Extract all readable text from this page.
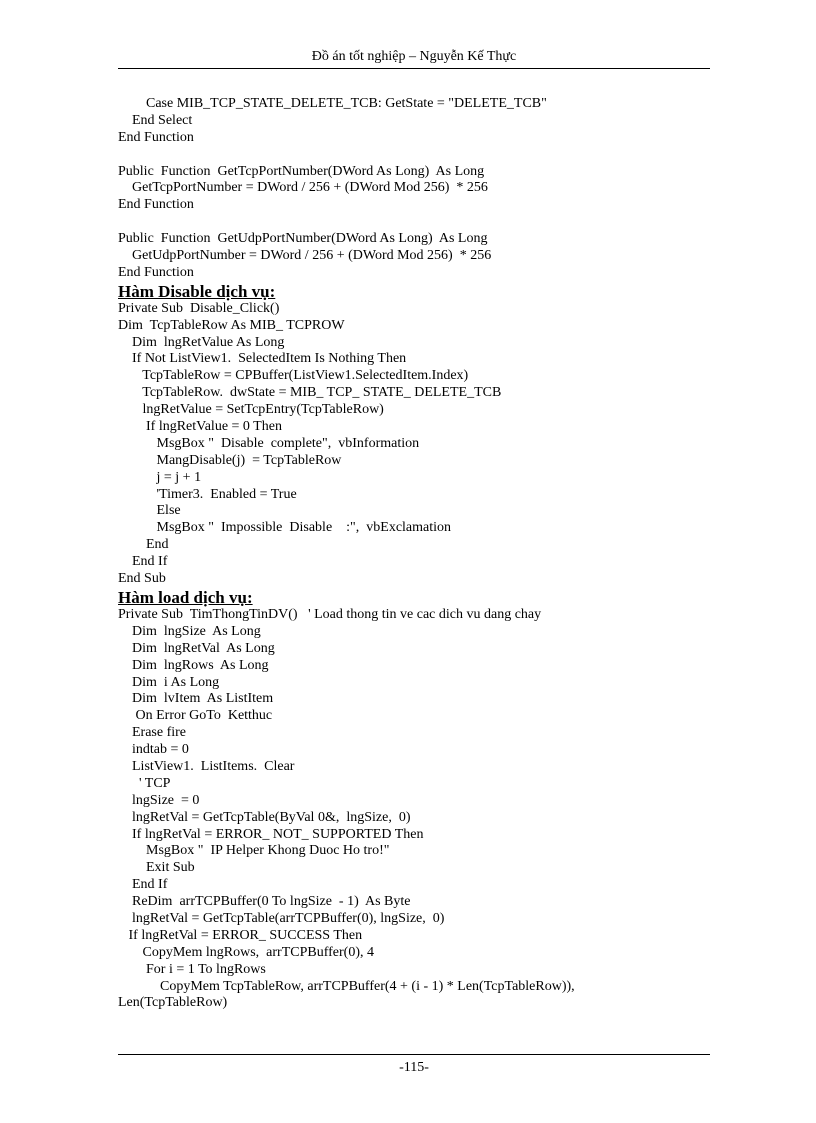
Đồ án tốt nghiệp – Nguyễn Kế Thực
Case MIB_TCP_STATE_DELETE_TCB: GetState = "DELETE_TCB"
End Select
End Function
Public  Function  GetTcpPortNumber(DWord As Long)  As Long
GetTcpPortNumber = DWord / 256 + (DWord Mod 256)  * 256
End Function
Public  Function  GetUdpPortNumber(DWord As Long)  As Long
GetUdpPortNumber = DWord / 256 + (DWord Mod 256)  * 256
End Function
Hàm Disable dịch vụ:
Private Sub  Disable_Click()
Dim  TcpTableRow As MIB_ TCPROW
Dim  lngRetValue As Long
If Not ListView1.  SelectedItem Is Nothing Then
TcpTableRow = CPBuffer(ListView1.SelectedItem.Index)
TcpTableRow.  dwState = MIB_ TCP_ STATE_ DELETE_TCB
lngRetValue = SetTcpEntry(TcpTableRow)
If lngRetValue = 0 Then
MsgBox "  Disable  complete",  vbInformation
MangDisable(j)  = TcpTableRow
j = j + 1
'Timer3.  Enabled = True
Else
MsgBox "  Impossible  Disable    :",  vbExclamation
End
End If
End Sub
Hàm load dịch vụ:
Private Sub  TimThongTinDV()   ' Load thong tin ve cac dich vu dang chay
Dim  lngSize  As Long
Dim  lngRetVal  As Long
Dim  lngRows  As Long
Dim  i As Long
Dim  lvItem  As ListItem
On Error GoTo  Ketthuc
Erase fire
indtab = 0
ListView1.  ListItems.  Clear
' TCP
lngSize  = 0
lngRetVal = GetTcpTable(ByVal 0&,  lngSize,  0)
If lngRetVal = ERROR_ NOT_ SUPPORTED Then
MsgBox "  IP Helper Khong Duoc Ho tro!"
Exit Sub
End If
ReDim  arrTCPBuffer(0 To lngSize  - 1)  As Byte
lngRetVal = GetTcpTable(arrTCPBuffer(0), lngSize,  0)
If lngRetVal = ERROR_ SUCCESS Then
CopyMem lngRows,  arrTCPBuffer(0), 4
For i = 1 To lngRows
CopyMem TcpTableRow, arrTCPBuffer(4 + (i - 1) * Len(TcpTableRow)),
Len(TcpTableRow)
-115-
